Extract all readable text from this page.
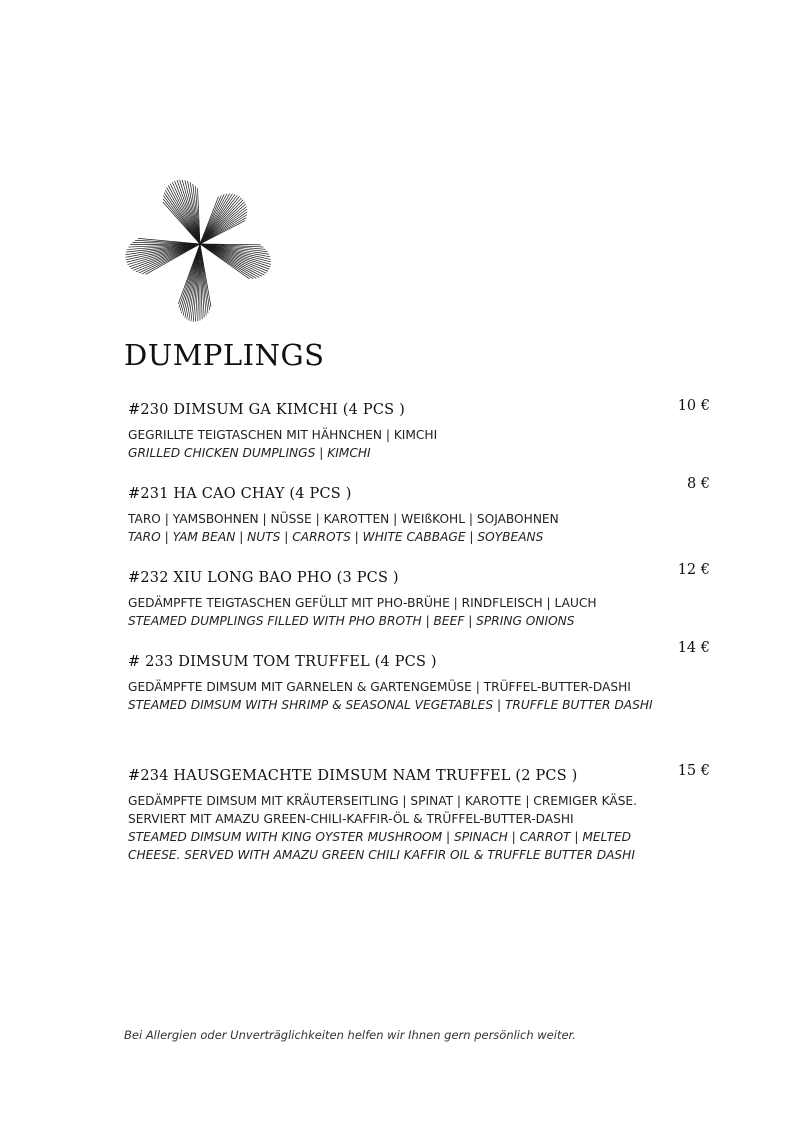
DUMPLINGS
#230 DIMSUM GA KIMCHI (4 PCS )
GEGRILLTE TEIGTASCHEN MIT HÄHNCHEN | KIMCHI
GRILLED CHICKEN DUMPLINGS | KIMCHI
10 €
#231 HA CAO CHAY (4 PCS )
TARO | YAMSBOHNEN | NÜSSE | KAROTTEN | WEIßKOHL | SOJABOHNEN
TARO | YAM BEAN | NUTS | CARROTS | WHITE CABBAGE | SOYBEANS
8 €
#232 XIU LONG BAO PHO (3 PCS )
GEDÄMPFTE TEIGTASCHEN GEFÜLLT MIT PHO-BRÜHE | RINDFLEISCH | LAUCH
STEAMED DUMPLINGS FILLED WITH PHO BROTH | BEEF | SPRING ONIONS
12 €
# 233 DIMSUM TOM TRUFFEL (4 PCS )
GEDÄMPFTE DIMSUM MIT GARNELEN & GARTENGEMÜSE | TRÜFFEL-BUTTER-DASHI
STEAMED DIMSUM WITH SHRIMP & SEASONAL VEGETABLES | TRUFFLE BUTTER DASHI
14 €
#234 HAUSGEMACHTE DIMSUM NAM TRUFFEL (2 PCS )
GEDÄMPFTE DIMSUM MIT KRÄUTERSEITLING | SPINAT | KAROTTE | CREMIGER KÄSE. SERVIERT MIT AMAZU GREEN-CHILI-KAFFIR-ÖL & TRÜFFEL-BUTTER-DASHI
STEAMED DIMSUM WITH KING OYSTER MUSHROOM | SPINACH | CARROT | MELTED CHEESE. SERVED WITH AMAZU GREEN CHILI KAFFIR OIL & TRUFFLE BUTTER DASHI
15 €
Bei Allergien oder Unverträglichkeiten helfen wir Ihnen gern persönlich weiter.
